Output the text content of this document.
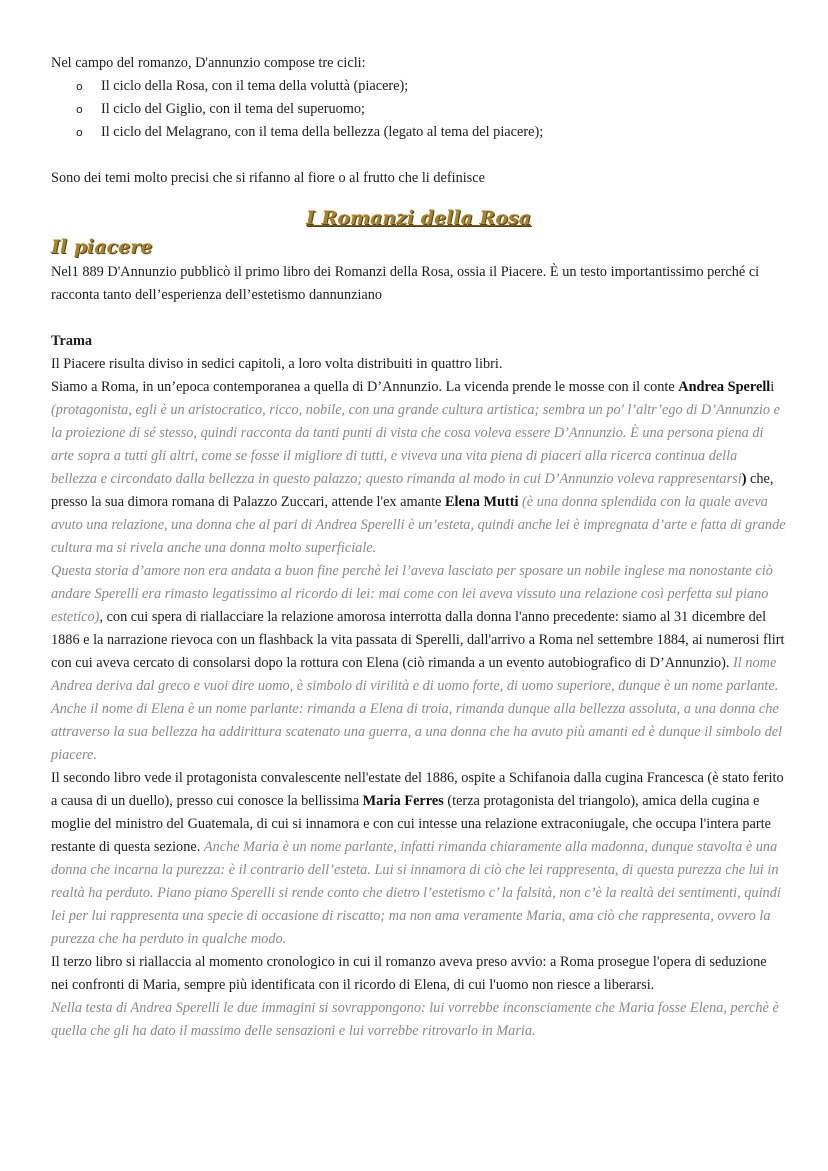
Nel campo del romanzo, D'annunzio compose tre cicli:

o Il ciclo della Rosa, con il tema della voluttà (piacere);
o Il ciclo del Giglio, con il tema del superuomo;
o Il ciclo del Melagrano, con il tema della bellezza (legato al tema del piacere);

Sono dei temi molto precisi che si rifanno al fiore o al frutto che li definisce

I Romanzi della Rosa
Il piacere

Nel1 889 D'Annunzio pubblicò il primo libro dei Romanzi della Rosa, ossia il Piacere. È un testo importantissimo perché ci racconta tanto dell’esperienza dell’estetismo dannunziano

Trama

Il Piacere risulta diviso in sedici capitoli, a loro volta distribuiti in quattro libri.

Siamo a Roma, in un’epoca contemporanea a quella di D’Annunzio. La vicenda prende le mosse con il conte Andrea Sperelli (protagonista, egli è un aristocratico, ricco, nobile, con una grande cultura artistica; sembra un po' l’altr’ego di D’Annunzio e la proiezione di sé stesso, quindi racconta da tanti punti di vista che cosa voleva essere D’Annunzio. È una persona piena di arte sopra a tutti gli altri, come se fosse il migliore di tutti, e viveva una vita piena di piaceri alla ricerca continua della bellezza e circondato dalla bellezza in questo palazzo; questo rimanda al modo in cui D’Annunzio voleva rappresentarsi) che, presso la sua dimora romana di Palazzo Zuccari, attende l'ex amante Elena Mutti (è una donna splendida con la quale aveva avuto una relazione, una donna che al pari di Andrea Sperelli è un’esteta, quindi anche lei è impregnata d’arte e fatta di grande cultura ma si rivela anche una donna molto superficiale.

Questa storia d’amore non era andata a buon fine perchè lei l’aveva lasciato per sposare un nobile inglese ma nonostante ciò andare Sperelli era rimasto legatissimo al ricordo di lei: mai come con lei aveva vissuto una relazione così perfetta sul piano estetico), con cui spera di riallacciare la relazione amorosa interrotta dalla donna l'anno precedente: siamo al 31 dicembre del 1886 e la narrazione rievoca con un flashback la vita passata di Sperelli, dall'arrivo a Roma nel settembre 1884, ai numerosi flirt con cui aveva cercato di consolarsi dopo la rottura con Elena (ciò rimanda a un evento autobiografico di D’Annunzio). Il nome Andrea deriva dal greco e vuoi dire uomo, è simbolo di virilità e di uomo forte, di uomo superiore, dunque è un nome parlante. Anche il nome di Elena è un nome parlante: rimanda a Elena di troia, rimanda dunque alla bellezza assoluta, a una donna che attraverso la sua bellezza ha addirittura scatenato una guerra, a una donna che ha avuto più amanti ed è dunque il simbolo del piacere.

Il secondo libro vede il protagonista convalescente nell'estate del 1886, ospite a Schifanoia dalla cugina Francesca (è stato ferito a causa di un duello), presso cui conosce la bellissima Maria Ferres (terza protagonista del triangolo), amica della cugina e moglie del ministro del Guatemala, di cui si innamora e con cui intesse una relazione extraconiugale, che occupa l'intera parte restante di questa sezione. Anche Maria è un nome parlante, infatti rimanda chiaramente alla madonna, dunque stavolta è una donna che incarna la purezza: è il contrario dell’esteta. Lui si innamora di ciò che lei rappresenta, di questa purezza che lui in realtà ha perduto. Piano piano Sperelli si rende conto che dietro l’estetismo c’ la falsità, non c’è la realtà dei sentimenti, quindi lei per lui rappresenta una specie di occasione di riscatto; ma non ama veramente Maria, ama ciò che rappresenta, ovvero la purezza che ha perduto in qualche modo.

Il terzo libro si riallaccia al momento cronologico in cui il romanzo aveva preso avvio: a Roma prosegue l'opera di seduzione nei confronti di Maria, sempre più identificata con il ricordo di Elena, di cui l'uomo non riesce a liberarsi.

Nella testa di Andrea Sperelli le due immagini si sovrappongono: lui vorrebbe inconsciamente che Maria fosse Elena, perchè è quella che gli ha dato il massimo delle sensazioni e lui vorrebbe ritrovarlo in Maria.
